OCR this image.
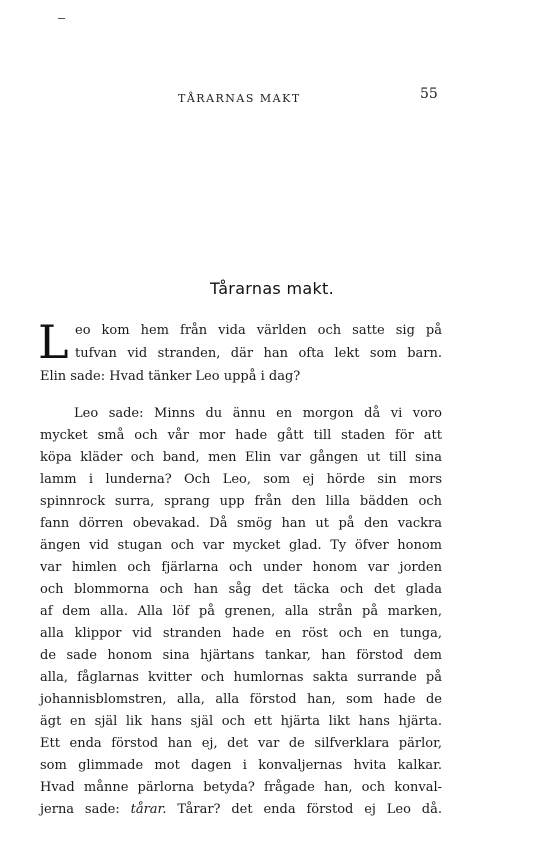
TÅRARNAS MAKT	55
Tårarnas makt.
L eo kom hem från vida världen och satte sig på
tufvan vid stranden, där han ofta lekt som barn.
Elin sade: Hvad tänker Leo uppå i dag?
Leo sade: Minns du ännu en morgon då vi voro
mycket små och vår mor hade gått till staden för att
köpa kläder och band, men Elin var gången ut till sina
lamm i lunderna? Och Leo, som ej hörde sin mors
spinnrock surra, sprang upp från den lilla bädden och
fann dörren obevakad. Då smög han ut på den vackra
ängen vid stugan och var mycket glad. Ty öfver honom
var himlen och fjärlarna och under honom var jorden
och blommorna och han såg det täcka och det glada
af dem alla. Alla löf på grenen, alla strån på marken,
alla klippor vid stranden hade en röst och en tunga,
de sade honom sina hjärtans tankar, han förstod dem
alla, fåglarnas kvitter och humlornas sakta surrande på
johannisblomstren, alla, alla förstod han, som hade de
ägt en själ lik hans själ och ett hjärta likt hans hjärta.
Ett enda förstod han ej, det var de silfverklara pärlor,
som glimmade mot dagen i konvaljernas hvita kalkar.
Hvad månne pärlorna betyda? frågade han, och konval-
jerna sade: tårar. Tårar? det enda förstod ej Leo då.
